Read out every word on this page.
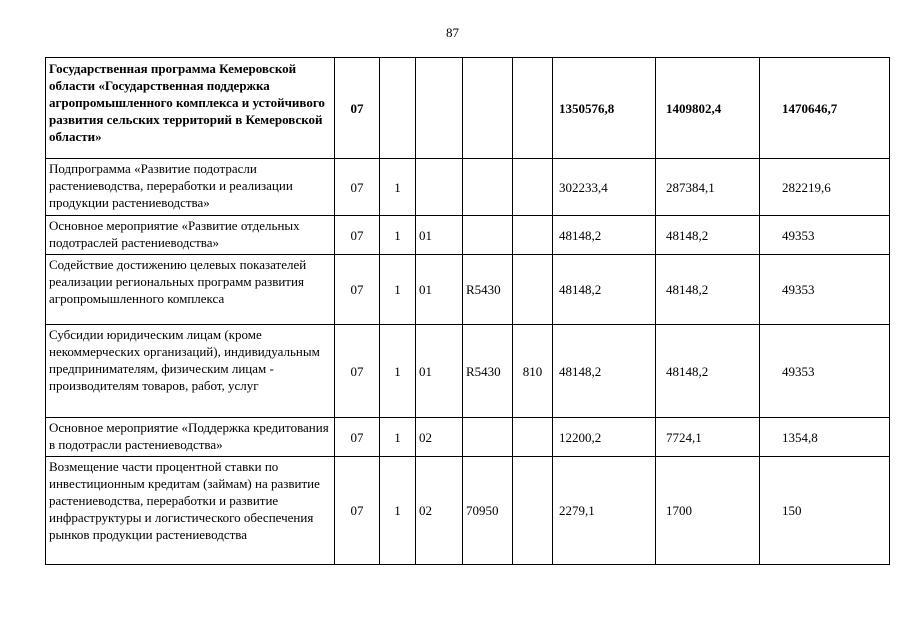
87
Государственная программа Кемеровской области «Государственная поддержка агропромышленного комплекса и устойчивого развития сельских территорий в Кемеровской области»	07					1350576,8	1409802,4	1470646,7
Подпрограмма «Развитие подотрасли растениеводства, переработки и реализации продукции растениеводства»	07	1				302233,4	287384,1	282219,6
Основное мероприятие «Развитие отдельных подотраслей растениеводства»	07	1	01			48148,2	48148,2	49353
Содействие достижению целевых показателей реализации региональных программ развития агропромышленного комплекса	07	1	01	R5430		48148,2	48148,2	49353
Субсидии юридическим лицам (кроме некоммерческих организаций), индивидуальным предпринимателям, физическим лицам - производителям товаров, работ, услуг	07	1	01	R5430	810	48148,2	48148,2	49353
Основное мероприятие «Поддержка кредитования в подотрасли растениеводства»	07	1	02			12200,2	7724,1	1354,8
Возмещение части процентной ставки по инвестиционным кредитам (займам) на развитие растениеводства, переработки и развитие инфраструктуры и логистического обеспечения рынков продукции растениеводства	07	1	02	70950		2279,1	1700	150
